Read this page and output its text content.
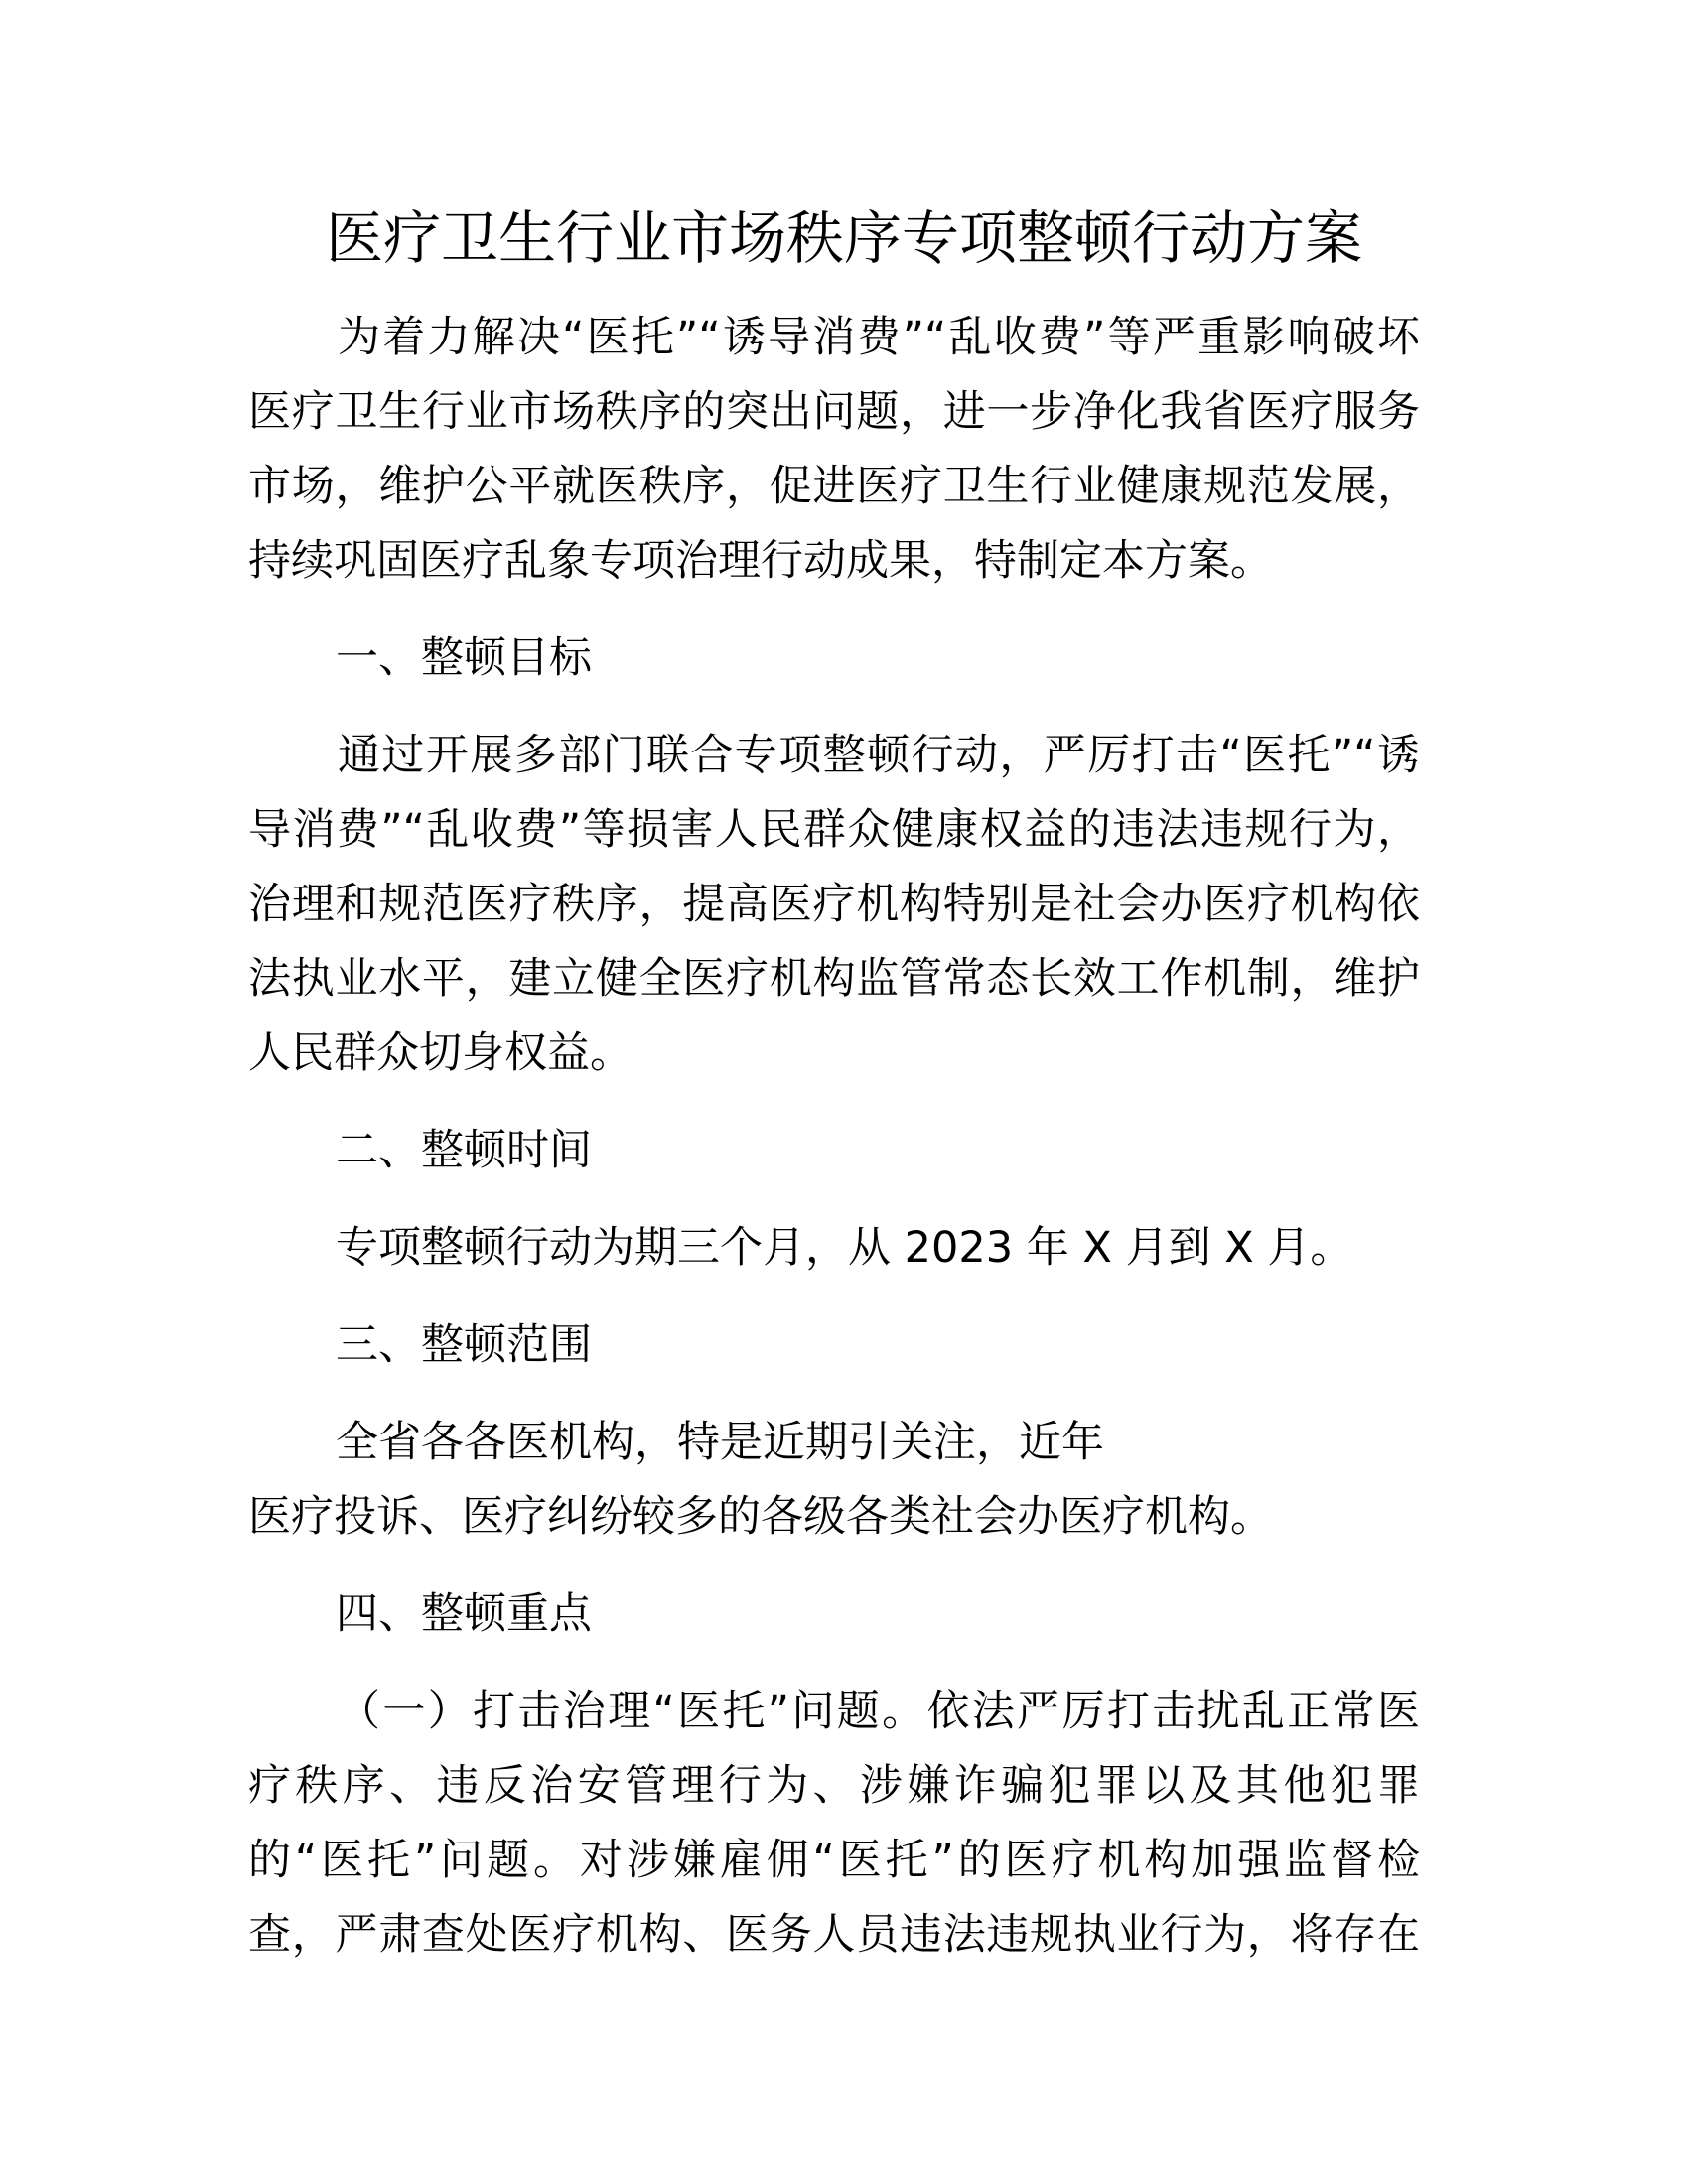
医疗卫生行业市场秩序专项整顿行动方案
为着力解决“医托”“诱导消费”“乱收费”等严重影响破坏
医疗卫生行业市场秩序的突出问题，进一步净化我省医疗服务
市场，维护公平就医秩序，促进医疗卫生行业健康规范发展，
持续巩固医疗乱象专项治理行动成果，特制定本方案。
一、整顿目标
通过开展多部门联合专项整顿行动，严厉打击“医托”“诱
导消费”“乱收费”等损害人民群众健康权益的违法违规行为，
治理和规范医疗秩序，提高医疗机构特别是社会办医疗机构依
法执业水平，建立健全医疗机构监管常态长效工作机制，维护
人民群众切身权益。
二、整顿时间
专项整顿行动为期三个月，从 2023 年 X 月到 X 月。
三、整顿范围
全省各各医机构，特是近期引关注，近年
医疗投诉、医疗纠纷较多的各级各类社会办医疗机构。
四、整顿重点
（一）打击治理“医托”问题。依法严厉打击扰乱正常医
疗秩序、违反治安管理行为、涉嫌诈骗犯罪以及其他犯罪
的“医托”问题。对涉嫌雇佣“医托”的医疗机构加强监督检
查，严肃查处医疗机构、医务人员违法违规执业行为，将存在
